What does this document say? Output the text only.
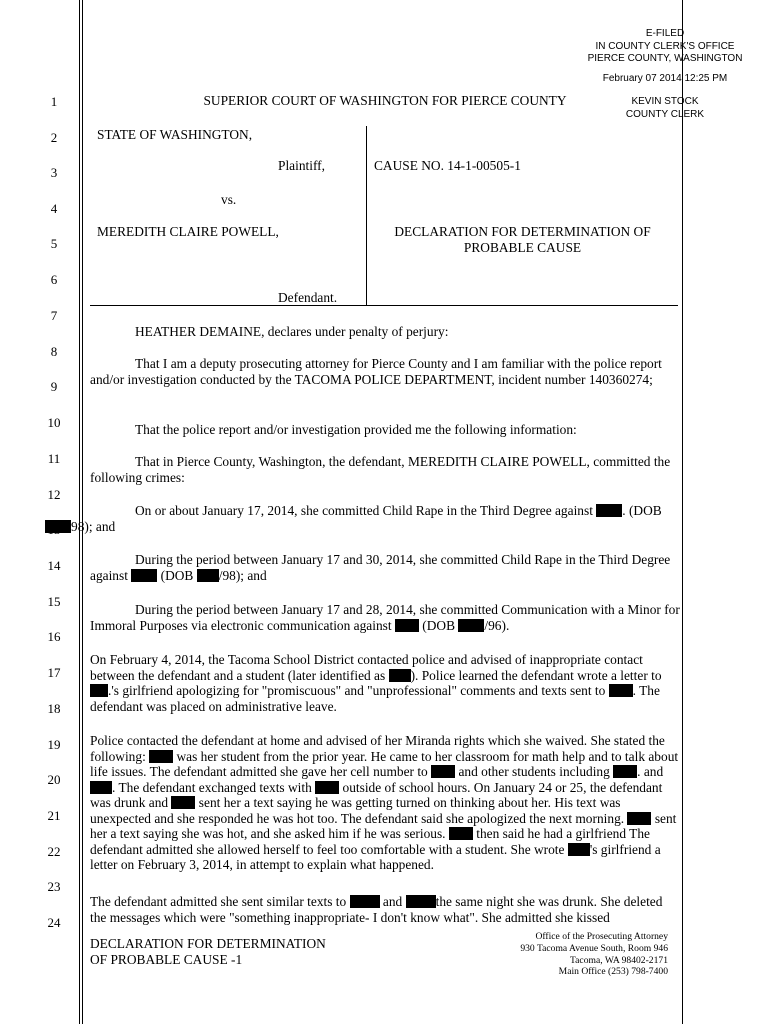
E-FILED
IN COUNTY CLERK'S OFFICE
PIERCE COUNTY, WASHINGTON
February 07 2014 12:25 PM
KEVIN STOCK
COUNTY CLERK
1
2
3
4
5
6
7
8
9
10
11
12
14
15
16
17
18
19
20
21
22
23
24
SUPERIOR COURT OF WASHINGTON FOR PIERCE COUNTY
STATE OF WASHINGTON,
Plaintiff,
vs.
MEREDITH CLAIRE POWELL,
Defendant.
CAUSE NO. 14-1-00505-1
DECLARATION FOR DETERMINATION OF
PROBABLE CAUSE
HEATHER DEMAINE, declares under penalty of perjury:
That I am a deputy prosecuting attorney for Pierce County and I am familiar with the police report and/or investigation conducted by the TACOMA POLICE DEPARTMENT, incident number 140360274;
That the police report and/or investigation provided me the following information:
That in Pierce County, Washington, the defendant, MEREDITH CLAIRE POWELL, committed the following crimes:
On or about January 17, 2014, she committed Child Rape in the Third Degree against . (DOB
98); and
During the period between January 17 and 30, 2014, she committed Child Rape in the Third Degree against  (DOB /98); and
During the period between January 17 and 28, 2014, she committed Communication with a Minor for Immoral Purposes via electronic communication against  (DOB /96).
On February 4, 2014, the Tacoma School District contacted police and advised of inappropriate contact between the defendant and a student (later identified as ). Police learned the defendant wrote a letter to .'s girlfriend apologizing for "promiscuous" and "unprofessional" comments and texts sent to . The defendant was placed on administrative leave.
Police contacted the defendant at home and advised of her Miranda rights which she waived. She stated the following:  was her student from the prior year. He came to her classroom for math help and to talk about life issues. The defendant admitted she gave her cell number to  and other students including . and . The defendant exchanged texts with  outside of school hours. On January 24 or 25, the defendant was drunk and  sent her a text saying he was getting turned on thinking about her. His text was unexpected and she responded he was hot too. The defendant said she apologized the next morning.  sent her a text saying she was hot, and she asked him if he was serious.  then said he had a girlfriend The defendant admitted she allowed herself to feel too comfortable with a student. She wrote 's girlfriend a letter on February 3, 2014, in attempt to explain what happened.
The defendant admitted she sent similar texts to  and the same night she was drunk. She deleted the messages which were "something inappropriate- I don't know what". She admitted she kissed
DECLARATION FOR DETERMINATION
OF PROBABLE CAUSE -1
Office of the Prosecuting Attorney
930 Tacoma Avenue South, Room 946
Tacoma, WA 98402-2171
Main Office (253) 798-7400
